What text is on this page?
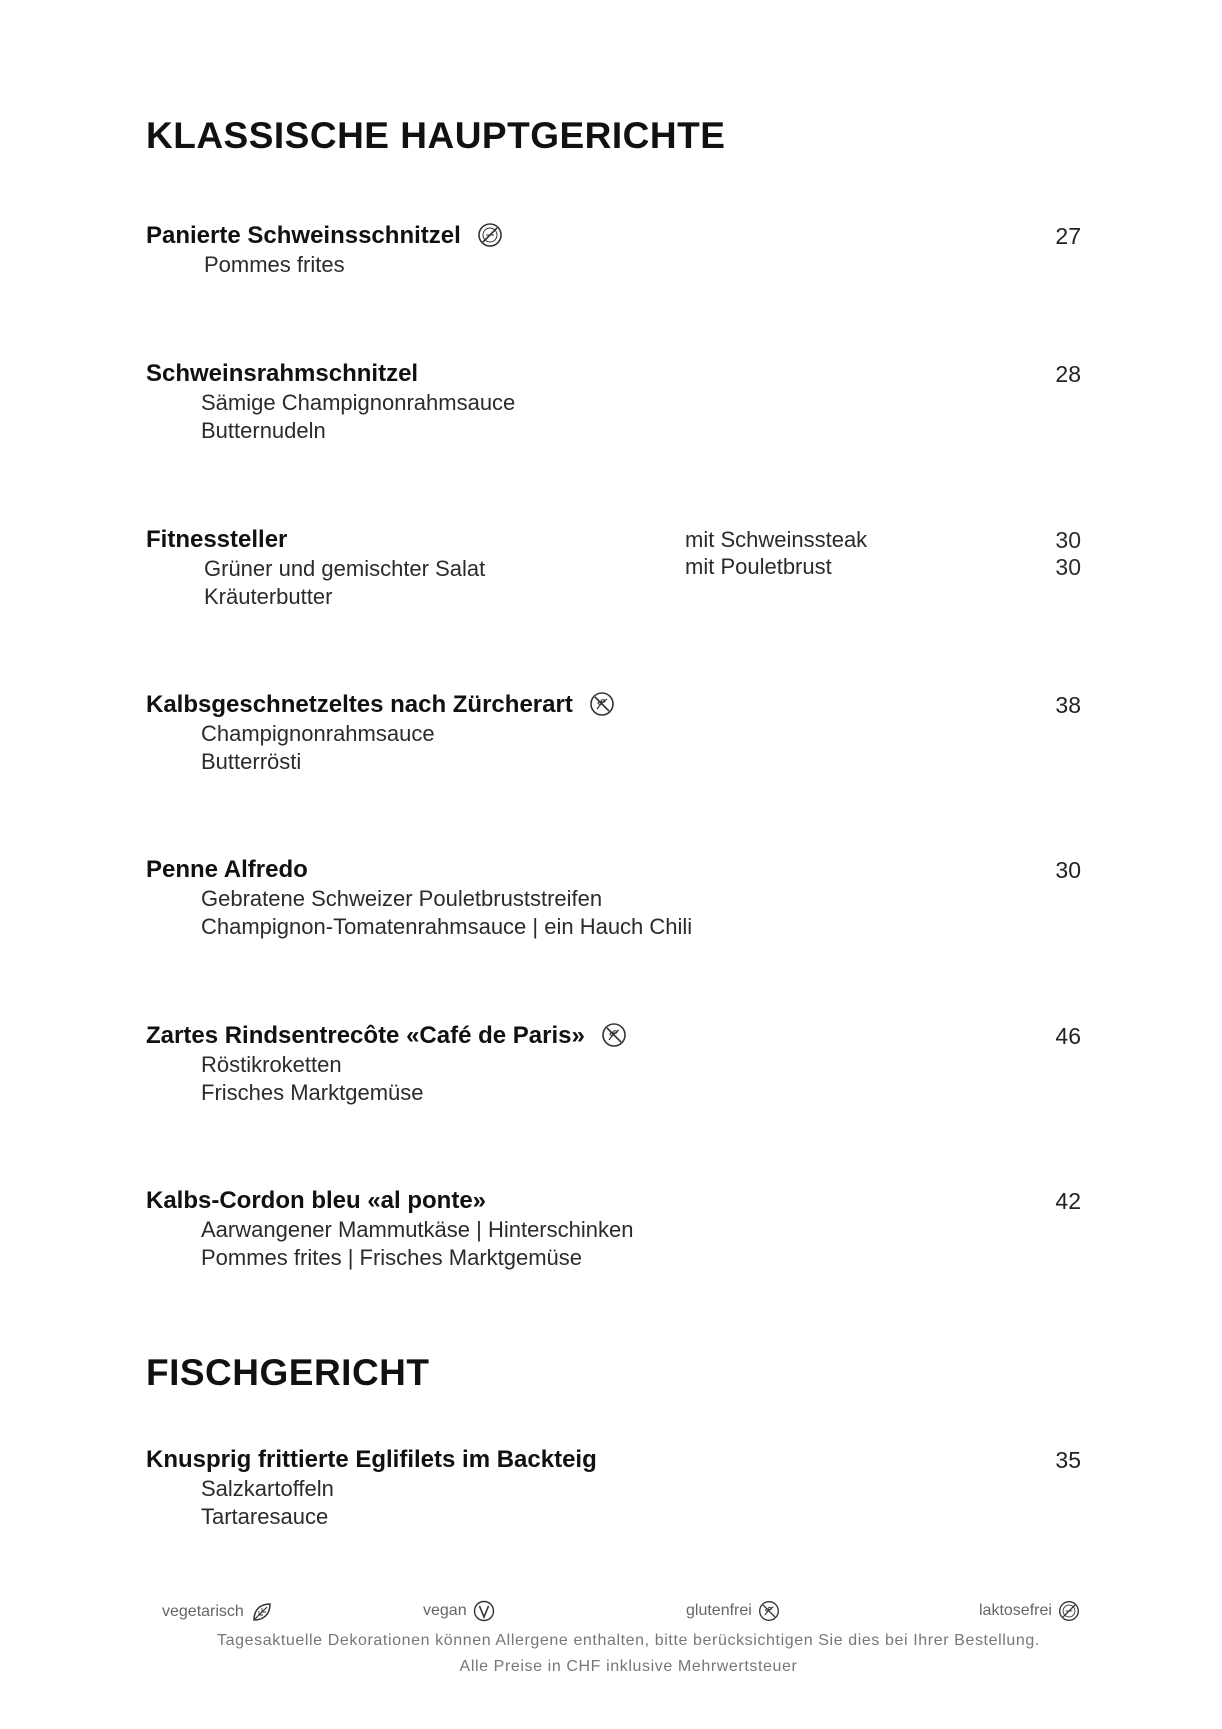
KLASSISCHE HAUPTGERICHTE
Panierte Schweinsschnitzel	27
Pommes frites
Schweinsrahmschnitzel	28
Sämige Champignonrahmsauce
Butternudeln
Fitnessteller	mit Schweinssteak	30
mit Pouletbrust	30
Grüner und gemischter Salat
Kräuterbutter
Kalbsgeschnetzeltes nach Zürcherart	38
Champignonrahmsauce
Butterrösti
Penne Alfredo	30
Gebratene Schweizer Pouletbruststreifen
Champignon-Tomatenrahmsauce | ein Hauch Chili
Zartes Rindsentrecôte «Café de Paris»	46
Röstikroketten
Frisches Marktgemüse
Kalbs-Cordon bleu «al ponte»	42
Aarwangener Mammutkäse | Hinterschinken
Pommes frites | Frisches Marktgemüse
FISCHGERICHT
Knusprig frittierte Eglifilets im Backteig	35
Salzkartoffeln
Tartaresauce
vegetarisch	vegan	glutenfrei	laktosefrei
Tagesaktuelle Dekorationen können Allergene enthalten, bitte berücksichtigen Sie dies bei Ihrer Bestellung.
Alle Preise in CHF inklusive Mehrwertsteuer
